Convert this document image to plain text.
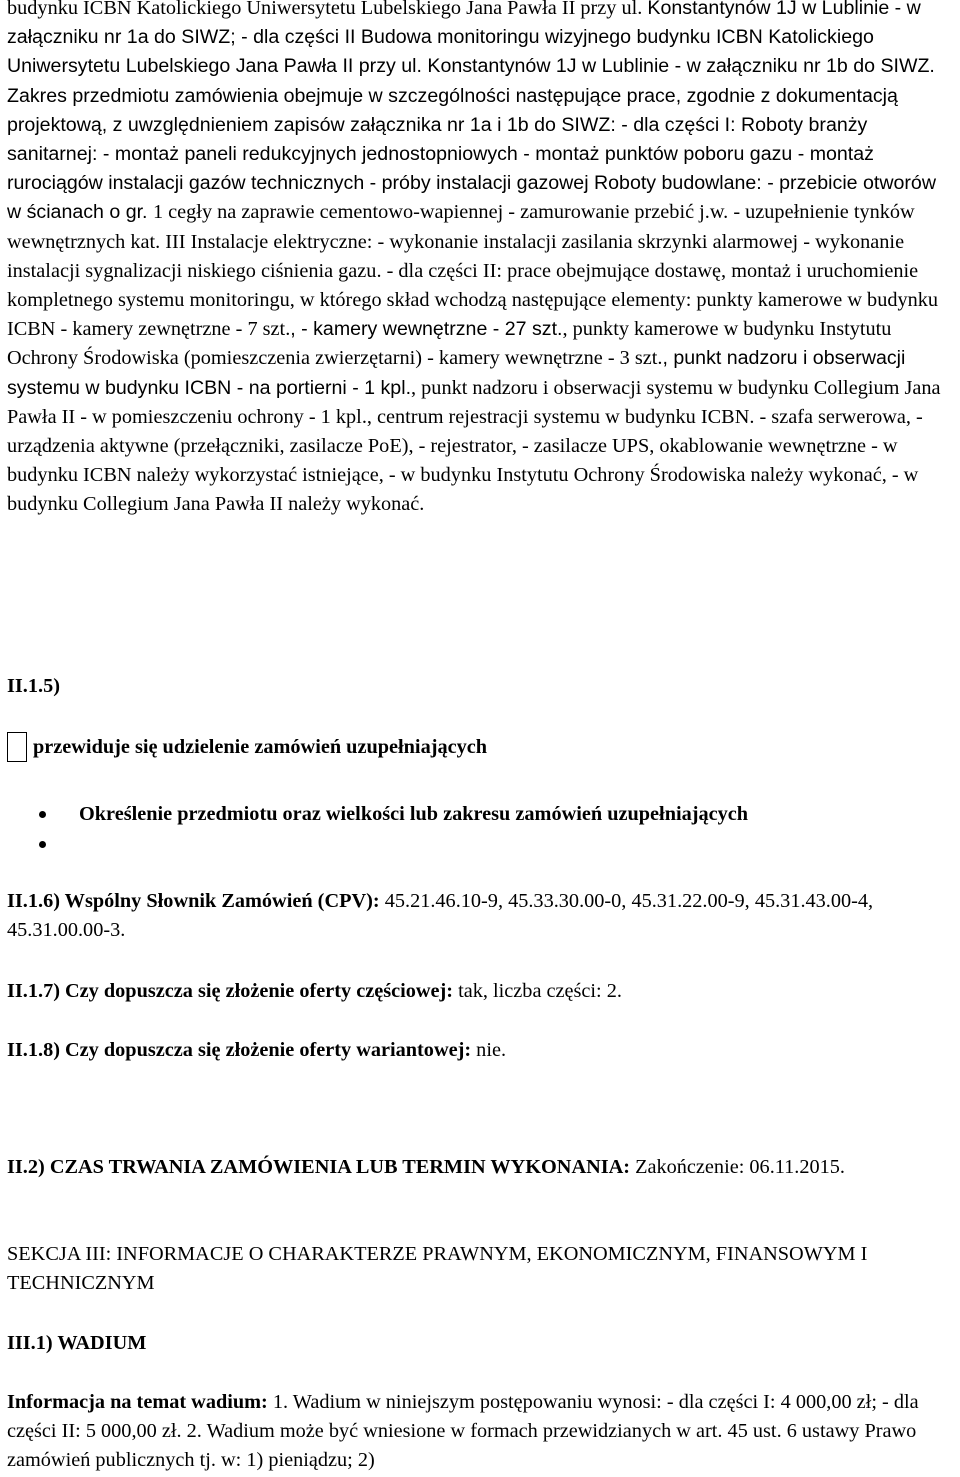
budynku ICBN Katolickiego Uniwersytetu Lubelskiego Jana Pawła II przy ul. Konstantynów 1J w Lublinie - w załączniku nr 1a do SIWZ; - dla części II Budowa monitoringu wizyjnego budynku ICBN Katolickiego Uniwersytetu Lubelskiego Jana Pawła II przy ul. Konstantynów 1J w Lublinie - w załączniku nr 1b do SIWZ. Zakres przedmiotu zamówienia obejmuje w szczególności następujące prace, zgodnie z dokumentacją projektową, z uwzględnieniem zapisów załącznika nr 1a i 1b do SIWZ: - dla części I: Roboty branży sanitarnej: - montaż paneli redukcyjnych jednostopniowych - montaż punktów poboru gazu - montaż rurociągów instalacji gazów technicznych - próby instalacji gazowej Roboty budowlane: - przebicie otworów w ścianach o gr. 1 cegły na zaprawie cementowo-wapiennej - zamurowanie przebić j.w. - uzupełnienie tynków wewnętrznych kat. III Instalacje elektryczne: - wykonanie instalacji zasilania skrzynki alarmowej - wykonanie instalacji sygnalizacji niskiego ciśnienia gazu. - dla części II: prace obejmujące dostawę, montaż i uruchomienie kompletnego systemu monitoringu, w którego skład wchodzą następujące elementy: punkty kamerowe w budynku ICBN - kamery zewnętrzne - 7 szt., - kamery wewnętrzne - 27 szt., punkty kamerowe w budynku Instytutu Ochrony Środowiska (pomieszczenia zwierzętarni) - kamery wewnętrzne - 3 szt., punkt nadzoru i obserwacji systemu w budynku ICBN - na portierni - 1 kpl., punkt nadzoru i obserwacji systemu w budynku Collegium Jana Pawła II - w pomieszczeniu ochrony - 1 kpl., centrum rejestracji systemu w budynku ICBN. - szafa serwerowa, - urządzenia aktywne (przełączniki, zasilacze PoE), - rejestrator, - zasilacze UPS, okablowanie wewnętrzne - w budynku ICBN należy wykorzystać istniejące, - w budynku Instytutu Ochrony Środowiska należy wykonać, - w budynku Collegium Jana Pawła II należy wykonać.

II.1.5)

przewiduje się udzielenie zamówień uzupełniających
Określenie przedmiotu oraz wielkości lub zakresu zamówień uzupełniających

II.1.6) Wspólny Słownik Zamówień (CPV): 45.21.46.10-9, 45.33.30.00-0, 45.31.22.00-9, 45.31.43.00-4, 45.31.00.00-3.

II.1.7) Czy dopuszcza się złożenie oferty częściowej: tak, liczba części: 2.

II.1.8) Czy dopuszcza się złożenie oferty wariantowej: nie.

II.2) CZAS TRWANIA ZAMÓWIENIA LUB TERMIN WYKONANIA: Zakończenie: 06.11.2015.

SEKCJA III: INFORMACJE O CHARAKTERZE PRAWNYM, EKONOMICZNYM, FINANSOWYM I TECHNICZNYM

III.1) WADIUM

Informacja na temat wadium: 1. Wadium w niniejszym postępowaniu wynosi: - dla części I: 4 000,00 zł; - dla części II: 5 000,00 zł. 2. Wadium może być wniesione w formach przewidzianych w art. 45 ust. 6 ustawy Prawo zamówień publicznych tj. w: 1) pieniądzu; 2)
